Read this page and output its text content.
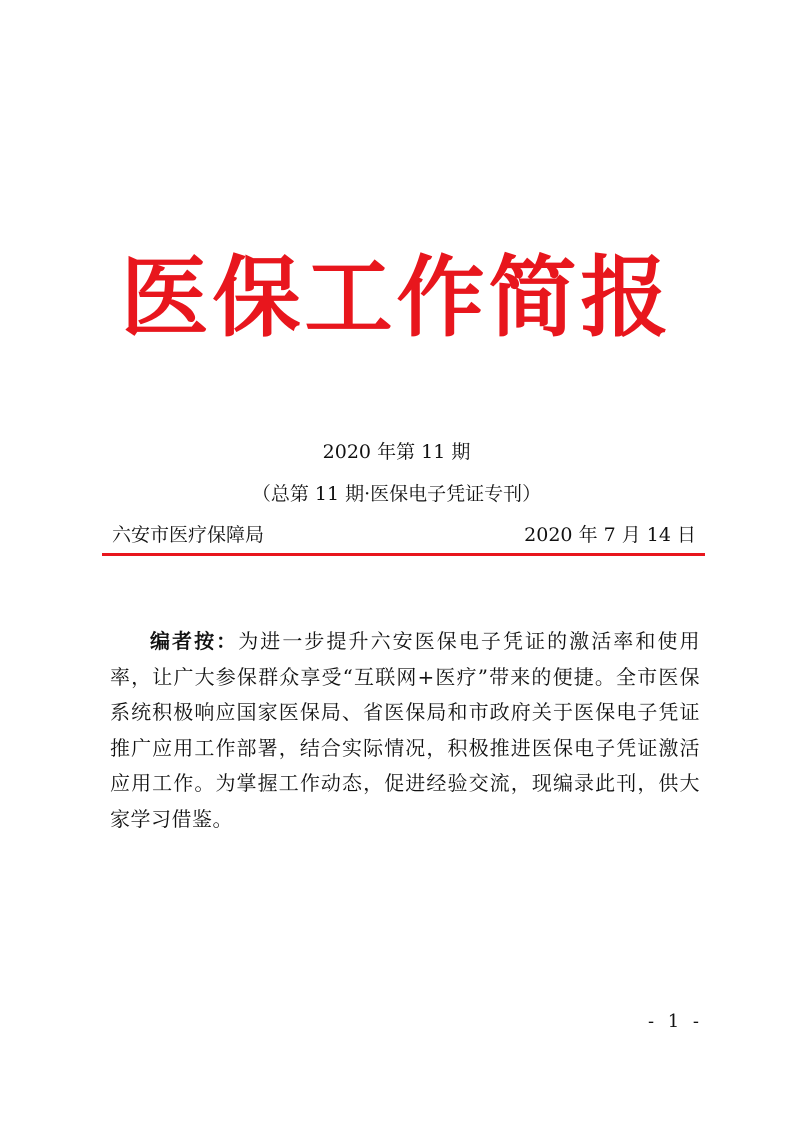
医保工作简报
2020 年第 11 期
（总第 11 期·医保电子凭证专刊）
六安市医疗保障局	2020 年 7 月 14 日
编者按：为进一步提升六安医保电子凭证的激活率和使用率，让广大参保群众享受“互联网+医疗”带来的便捷。全市医保系统积极响应国家医保局、省医保局和市政府关于医保电子凭证推广应用工作部署，结合实际情况，积极推进医保电子凭证激活应用工作。为掌握工作动态，促进经验交流，现编录此刊，供大家学习借鉴。
- 1 -
